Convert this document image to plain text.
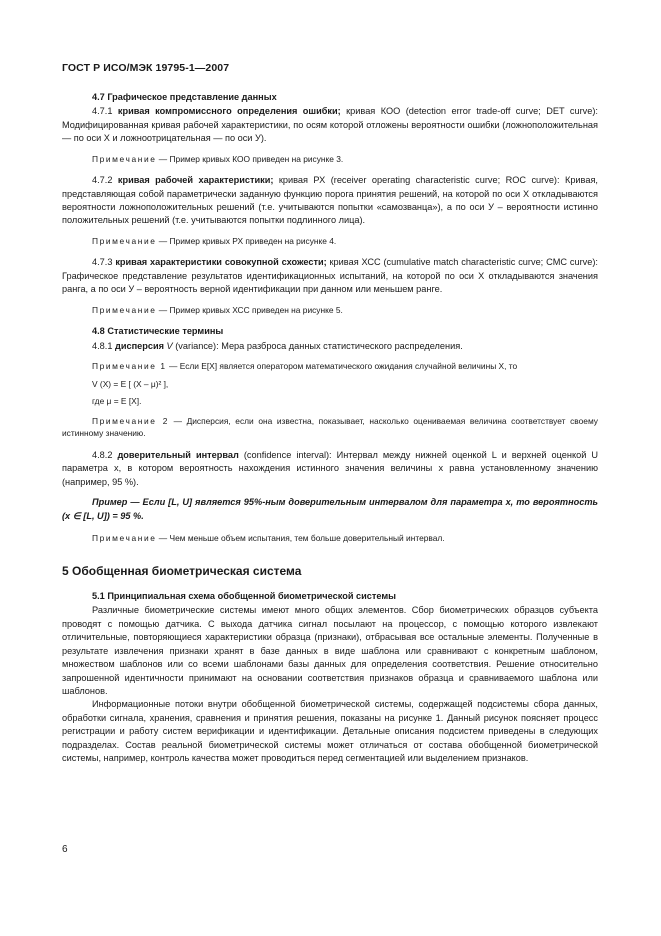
ГОСТ Р ИСО/МЭК 19795-1—2007

4.7 Графическое представление данных

4.7.1 кривая компромиссного определения ошибки; кривая КОО (detection error trade-off curve; DET curve): Модифицированная кривая рабочей характеристики, по осям которой отложены вероятности ошибки (ложноположительная — по оси Х и ложноотрицательная — по оси У).

Примечание — Пример кривых КОО приведен на рисунке 3.

4.7.2 кривая рабочей характеристики; кривая РХ (receiver operating characteristic curve; ROC curve): Кривая, представляющая собой параметрически заданную функцию порога принятия решений, на которой по оси Х откладываются вероятности ложноположительных решений (т.е. учитываются попытки «самозванца»), а по оси У – вероятности истинно положительных решений (т.е. учитываются попытки подлинного лица).

Примечание — Пример кривых РХ приведен на рисунке 4.

4.7.3 кривая характеристики совокупной схожести; кривая ХСС (cumulative match characteristic curve; CMC curve): Графическое представление результатов идентификационных испытаний, на которой по оси Х откладываются значения ранга, а по оси У – вероятность верной идентификации при данном или меньшем ранге.

Примечание — Пример кривых ХСС приведен на рисунке 5.

4.8 Статистические термины

4.8.1 дисперсия V (variance): Мера разброса данных статистического распределения.

Примечание 1 — Если E[X] является оператором математического ожидания случайной величины X, то

V (X) = E [ (X – μ)² ],

где μ = E [X].

Примечание 2 — Дисперсия, если она известна, показывает, насколько оцениваемая величина соответствует своему истинному значению.

4.8.2 доверительный интервал (confidence interval): Интервал между нижней оценкой L и верхней оценкой U параметра x, в котором вероятность нахождения истинного значения величины x равна установленному значению (например, 95 %).

Пример — Если [L, U] является 95%-ным доверительным интервалом для параметра x, то вероятность (x ∈ [L, U]) = 95 %.

Примечание — Чем меньше объем испытания, тем больше доверительный интервал.

5 Обобщенная биометрическая система

5.1 Принципиальная схема обобщенной биометрической системы

Различные биометрические системы имеют много общих элементов. Сбор биометрических образцов субъекта проводят с помощью датчика. С выхода датчика сигнал посылают на процессор, с помощью которого извлекают отличительные, повторяющиеся характеристики образца (признаки), отбрасывая все остальные элементы. Полученные в результате извлечения признаки хранят в базе данных в виде шаблона или сравнивают с конкретным шаблоном, множеством шаблонов или со всеми шаблонами базы данных для определения соответствия. Решение относительно запрошенной идентичности принимают на основании соответствия признаков образца и сравниваемого шаблона или шаблонов.

Информационные потоки внутри обобщенной биометрической системы, содержащей подсистемы сбора данных, обработки сигнала, хранения, сравнения и принятия решения, показаны на рисунке 1. Данный рисунок поясняет процесс регистрации и работу систем верификации и идентификации. Детальные описания подсистем приведены в следующих подразделах. Состав реальной биометрической системы может отличаться от состава обобщенной биометрической системы, например, контроль качества может проводиться перед сегментацией или выделением признаков.

6
